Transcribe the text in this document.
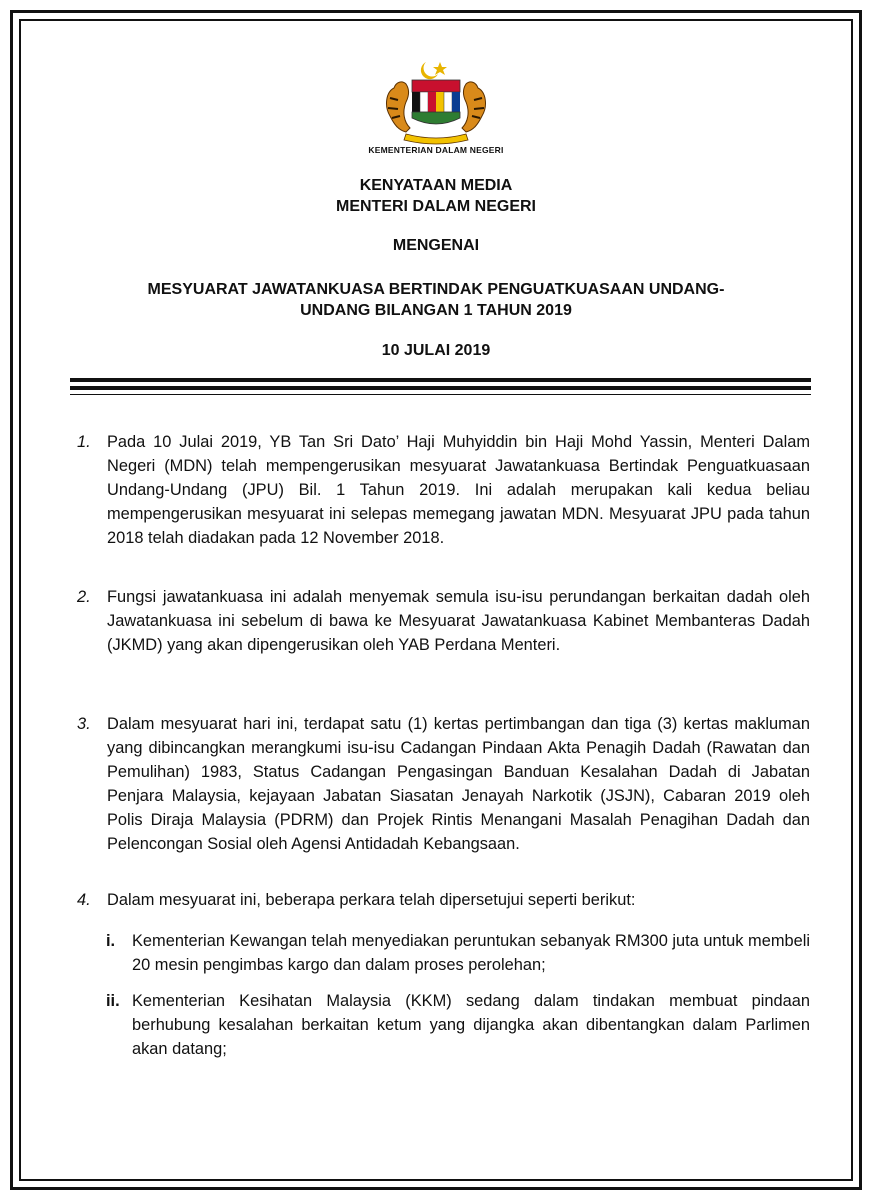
KEMENTERIAN DALAM NEGERI
KENYATAAN MEDIA
MENTERI DALAM NEGERI
MENGENAI
MESYUARAT JAWATANKUASA BERTINDAK PENGUATKUASAAN UNDANG-
UNDANG BILANGAN 1 TAHUN 2019
10 JULAI 2019
1. Pada 10 Julai 2019, YB Tan Sri Dato’ Haji Muhyiddin bin Haji Mohd Yassin, Menteri Dalam Negeri (MDN) telah mempengerusikan mesyuarat Jawatankuasa Bertindak Penguatkuasaan Undang-Undang (JPU) Bil. 1 Tahun 2019. Ini adalah merupakan kali kedua beliau mempengerusikan mesyuarat ini selepas memegang jawatan MDN. Mesyuarat JPU pada tahun 2018 telah diadakan pada 12 November 2018.
2. Fungsi jawatankuasa ini adalah menyemak semula isu-isu perundangan berkaitan dadah oleh Jawatankuasa ini sebelum di bawa ke Mesyuarat Jawatankuasa Kabinet Membanteras Dadah (JKMD) yang akan dipengerusikan oleh YAB Perdana Menteri.
3. Dalam mesyuarat hari ini, terdapat satu (1) kertas pertimbangan dan tiga (3) kertas makluman yang dibincangkan merangkumi isu-isu Cadangan Pindaan Akta Penagih Dadah (Rawatan dan Pemulihan) 1983, Status Cadangan Pengasingan Banduan Kesalahan Dadah di Jabatan Penjara Malaysia, kejayaan Jabatan Siasatan Jenayah Narkotik (JSJN), Cabaran 2019 oleh Polis Diraja Malaysia (PDRM) dan Projek Rintis Menangani Masalah Penagihan Dadah dan Pelencongan Sosial oleh Agensi Antidadah Kebangsaan.
4. Dalam mesyuarat ini, beberapa perkara telah dipersetujui seperti berikut:
i. Kementerian Kewangan telah menyediakan peruntukan sebanyak RM300 juta untuk membeli 20 mesin pengimbas kargo dan dalam proses perolehan;
ii. Kementerian Kesihatan Malaysia (KKM) sedang dalam tindakan membuat pindaan berhubung kesalahan berkaitan ketum yang dijangka akan dibentangkan dalam Parlimen akan datang;
